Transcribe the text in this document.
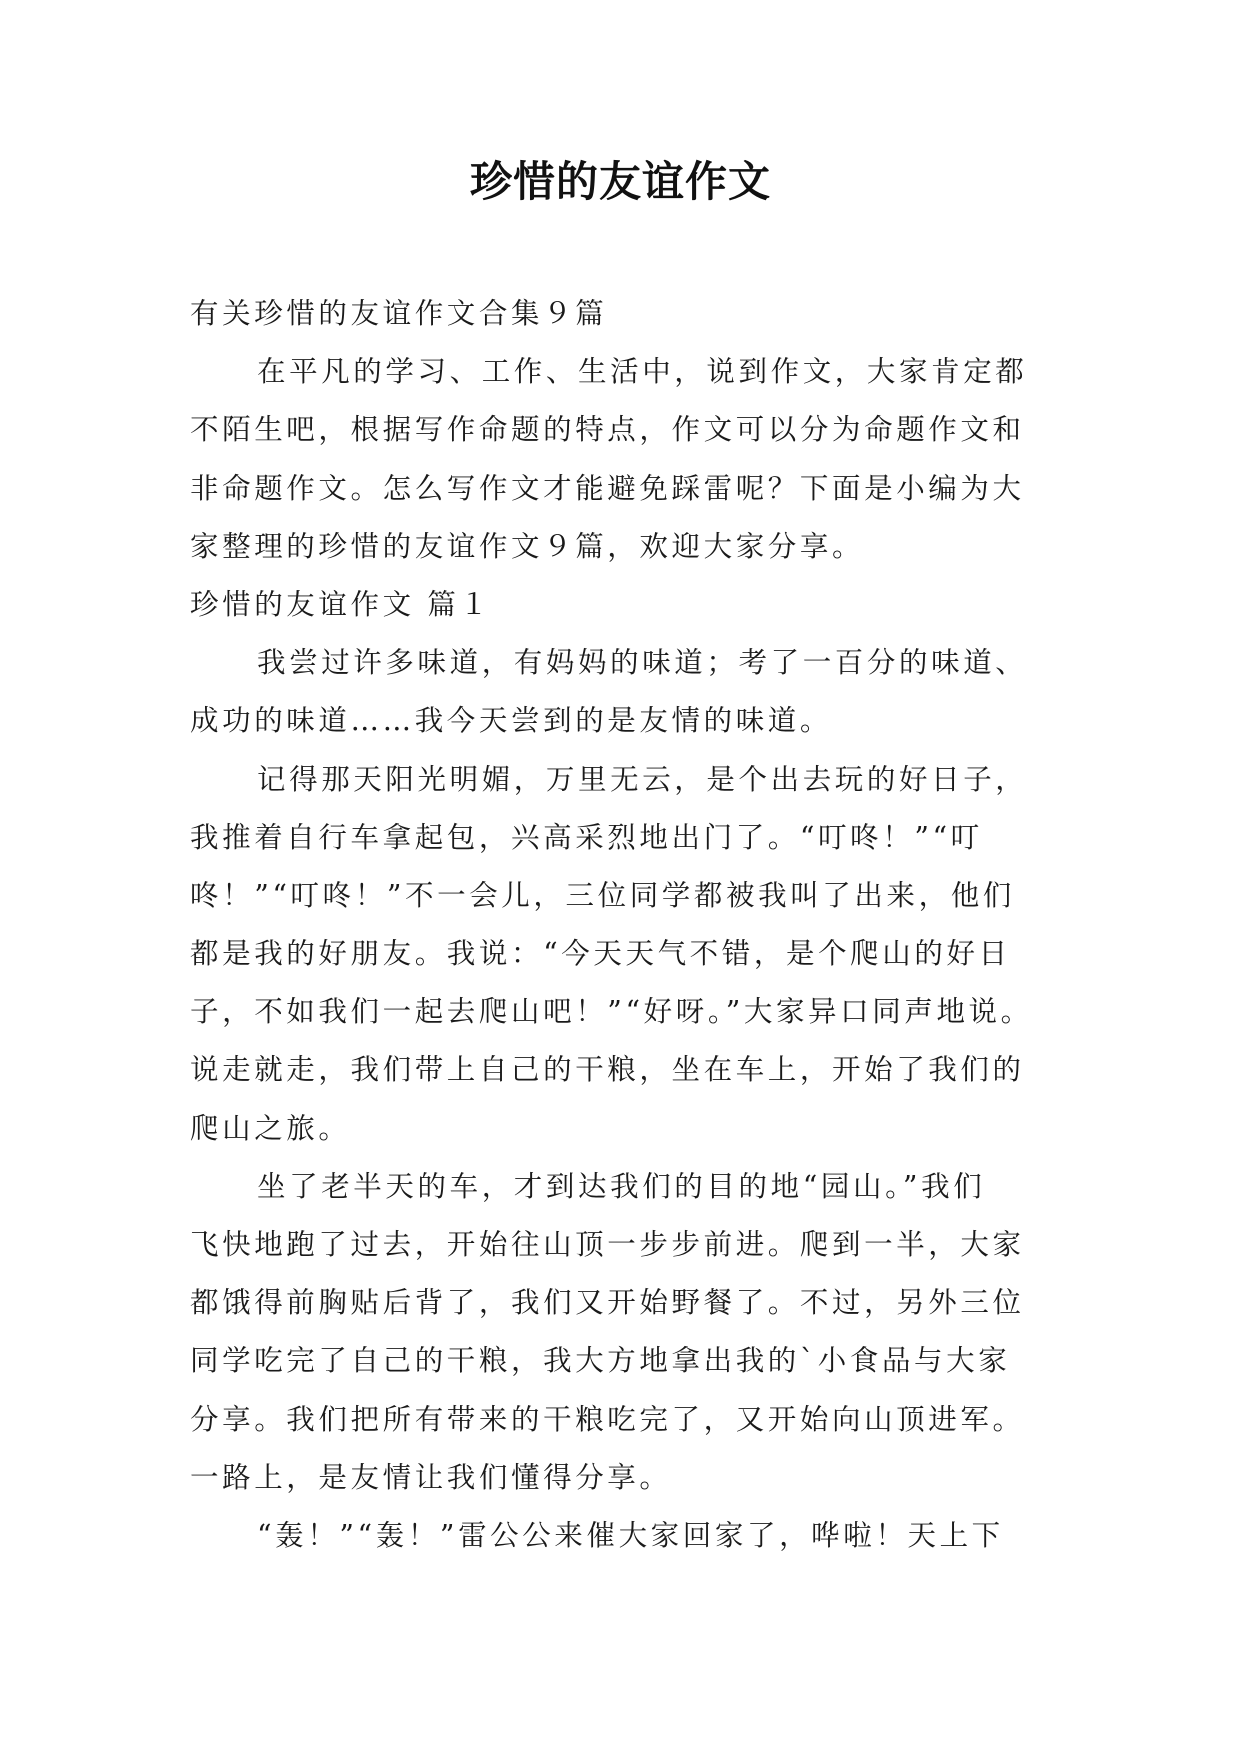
珍惜的友谊作文
有关珍惜的友谊作文合集９篇
在平凡的学习、工作、生活中，说到作文，大家肯定都
不陌生吧，根据写作命题的特点，作文可以分为命题作文和
非命题作文。怎么写作文才能避免踩雷呢？下面是小编为大
家整理的珍惜的友谊作文９篇，欢迎大家分享。
珍惜的友谊作文 篇１
我尝过许多味道，有妈妈的味道；考了一百分的味道、
成功的味道……我今天尝到的是友情的味道。
记得那天阳光明媚，万里无云，是个出去玩的好日子，
我推着自行车拿起包，兴高采烈地出门了。“叮咚！”“叮
咚！”“叮咚！”不一会儿，三位同学都被我叫了出来，他们
都是我的好朋友。我说：“今天天气不错，是个爬山的好日
子，不如我们一起去爬山吧！”“好呀。”大家异口同声地说。
说走就走，我们带上自己的干粮，坐在车上，开始了我们的
爬山之旅。
坐了老半天的车，才到达我们的目的地“园山。”我们
飞快地跑了过去，开始往山顶一步步前进。爬到一半，大家
都饿得前胸贴后背了，我们又开始野餐了。不过，另外三位
同学吃完了自己的干粮，我大方地拿出我的`小食品与大家
分享。我们把所有带来的干粮吃完了，又开始向山顶进军。
一路上，是友情让我们懂得分享。
“轰！”“轰！”雷公公来催大家回家了，哗啦！天上下
